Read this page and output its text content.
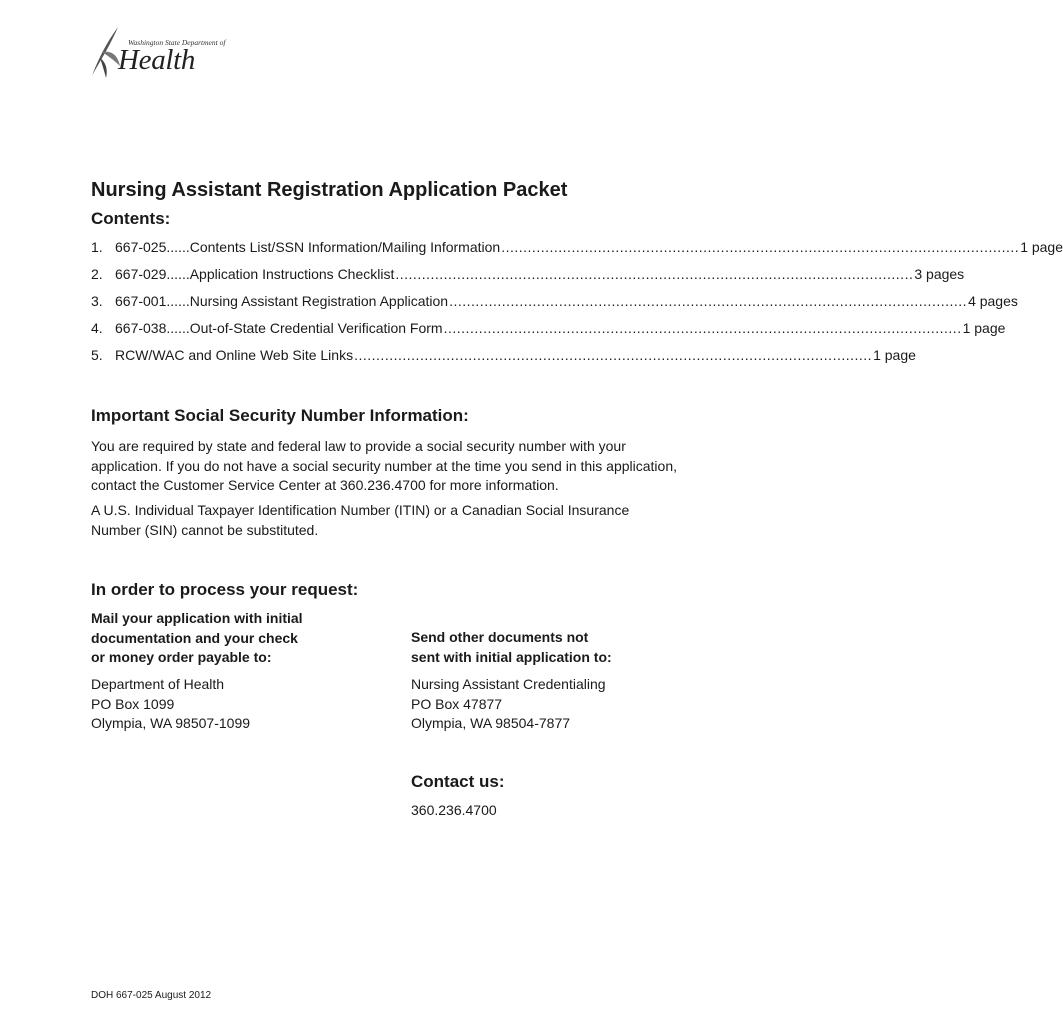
Washington State Department of
Health
Nursing Assistant Registration Application Packet
Contents:
1. 667-025......Contents List/SSN Information/Mailing Information ...................................................................................................................... 1 page
2. 667-029......Application Instructions Checklist ...................................................................................................................... 3 pages
3. 667-001......Nursing Assistant Registration Application ...................................................................................................................... 4 pages
4. 667-038......Out-of-State Credential Verification Form ...................................................................................................................... 1 page
5. RCW/WAC and Online Web Site Links ...................................................................................................................... 1 page
Important Social Security Number Information:

You are required by state and federal law to provide a social security number with your application. If you do not have a social security number at the time you send in this application, contact the Customer Service Center at 360.236.4700 for more information.

A U.S. Individual Taxpayer Identification Number (ITIN) or a Canadian Social Insurance Number (SIN) cannot be substituted.

In order to process your request:
Mail your application with initial
documentation and your check
or money order payable to:
Department of Health
PO Box 1099
Olympia, WA 98507-1099
Send other documents not
sent with initial application to:
Nursing Assistant Credentialing
PO Box 47877
Olympia, WA 98504-7877
Contact us:
360.236.4700
DOH 667-025 August 2012
